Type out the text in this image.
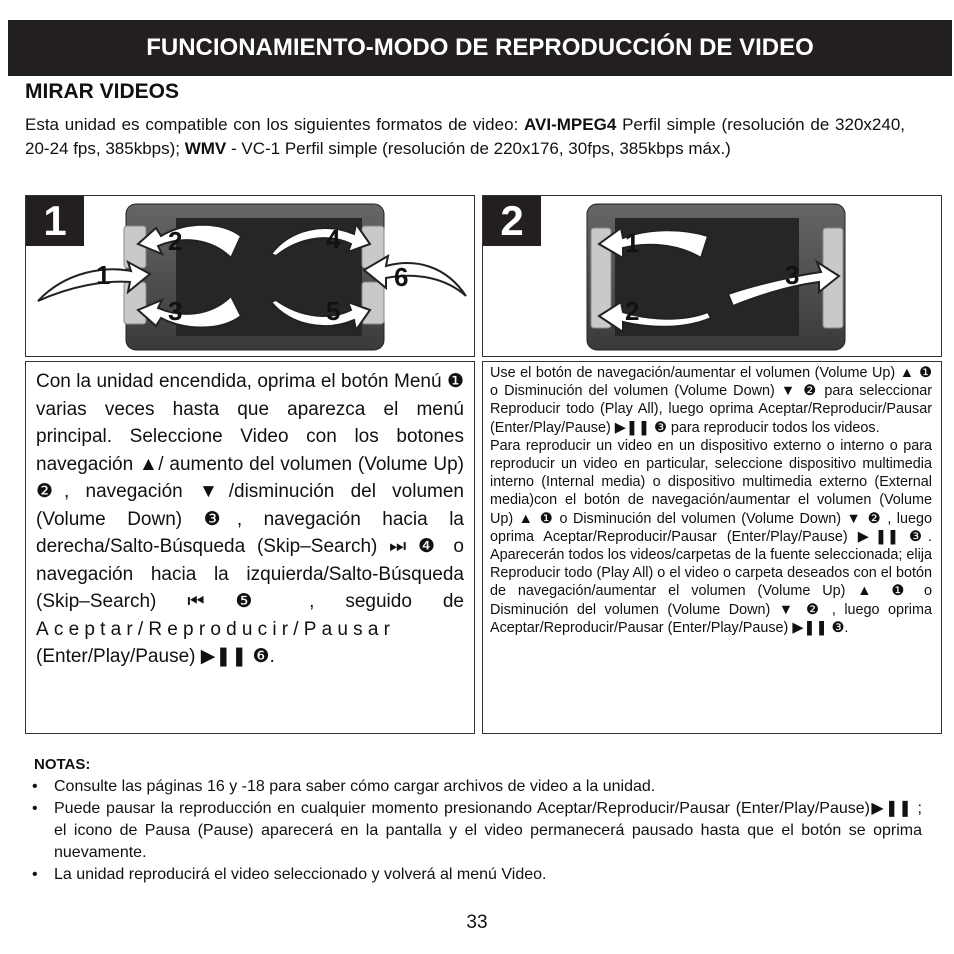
FUNCIONAMIENTO-MODO DE REPRODUCCIÓN DE VIDEO
MIRAR VIDEOS
Esta unidad es compatible con los siguientes formatos de video: AVI-MPEG4 Perfil simple (resolución de 320x240, 20-24 fps, 385kbps); WMV - VC-1 Perfil simple (resolución de 220x176, 30fps, 385kbps máx.)
1	2	4
1	6
3	5
2	1
3
2
Con la unidad encendida, oprima el botón Menú ❶ varias veces hasta que aparezca el menú principal. Seleccione Video con los botones navegación ▲/ aumento del volumen (Volume Up) ❷, navegación ▼/disminución del volumen (Volume Down) ❸, navegación hacia la derecha/Salto-Búsqueda (Skip–Search) ⏭ ❹ o navegación hacia la izquierda/Salto-Búsqueda (Skip–Search) ⏮ ❺ , seguido de Aceptar/Reproducir/Pausar (Enter/Play/Pause) ▶❚❚ ❻.
Use el botón de navegación/aumentar el volumen (Volume Up) ▲ ❶ o Disminución del volumen (Volume Down) ▼ ❷ para seleccionar Reproducir todo (Play All), luego oprima Aceptar/Reproducir/Pausar (Enter/Play/Pause) ▶❚❚ ❸ para reproducir todos los videos.
Para reproducir un video en un dispositivo externo o interno o para reproducir un video en particular, seleccione dispositivo multimedia interno (Internal media) o dispositivo multimedia externo (External media)con el botón de navegación/aumentar el volumen (Volume Up) ▲ ❶ o Disminución del volumen (Volume Down) ▼ ❷ , luego oprima Aceptar/Reproducir/Pausar (Enter/Play/Pause) ▶❚❚ ❸. Aparecerán todos los videos/carpetas de la fuente seleccionada; elija Reproducir todo (Play All) o el video o carpeta deseados con el botón de navegación/aumentar el volumen (Volume Up) ▲ ❶ o Disminución del volumen (Volume Down) ▼ ❷ , luego oprima Aceptar/Reproducir/Pausar (Enter/Play/Pause) ▶❚❚ ❸.
NOTAS:
• Consulte las páginas 16 y -18 para saber cómo cargar archivos de video a la unidad.
• Puede pausar la reproducción en cualquier momento presionando Aceptar/Reproducir/Pausar (Enter/Play/Pause)▶❚❚ ; el icono de Pausa (Pause) aparecerá en la pantalla y el video permanecerá pausado hasta que el botón se oprima nuevamente.
• La unidad reproducirá el video seleccionado y volverá al menú Video.
33
